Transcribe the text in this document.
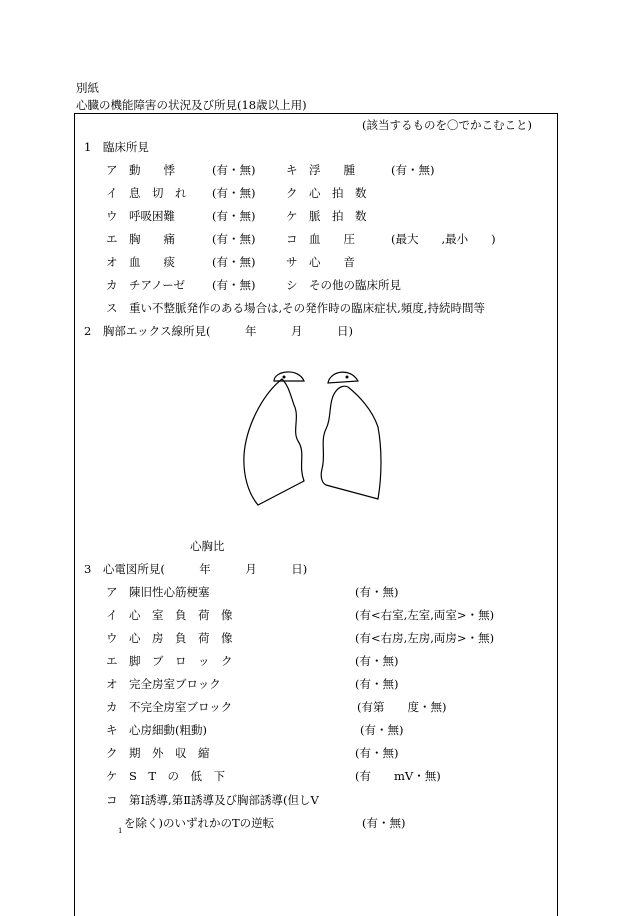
別紙
心臓の機能障害の状況及び所見(18歳以上用)
(該当するものを〇でかこむこと)
1　臨床所見
ア　動　　悸	(有・無)	キ　浮　　腫	(有・無)
イ　息　切　れ (有・無)	ク　心　拍　数
ウ　呼吸困難	(有・無)	ケ　脈　拍　数
エ　胸　　痛	(有・無)	コ　血　　圧	(最大　　,最小　　)
オ　血　　痰	(有・無)	サ　心　　音
カ　チアノーゼ (有・無)	シ　その他の臨床所見
ス　重い不整脈発作のある場合は,その発作時の臨床症状,頻度,持続時間等
2　胸部エックス線所見(　　　年　　　月　　　日)
心胸比
3　心電図所見(　　　年　　　月　　　日)
ア　陳旧性心筋梗塞	(有・無)
イ　心　室　負　荷　像	(有<右室,左室,両室>・無)
ウ　心　房　負　荷　像	(有<右房,左房,両房>・無)
エ　脚　ブ　ロ　ッ　ク	(有・無)
オ　完全房室ブロック	(有・無)
カ　不完全房室ブロック	(有第　　度・無)
キ　心房細動(粗動)	(有・無)
ク　期　外　収　縮	(有・無)
ケ　S　T　の　低　下	(有　　mV・無)
コ　第Ⅰ誘導,第Ⅱ誘導及び胸部誘導(但しV
1
を除く)のいずれかのTの逆転	(有・無)
